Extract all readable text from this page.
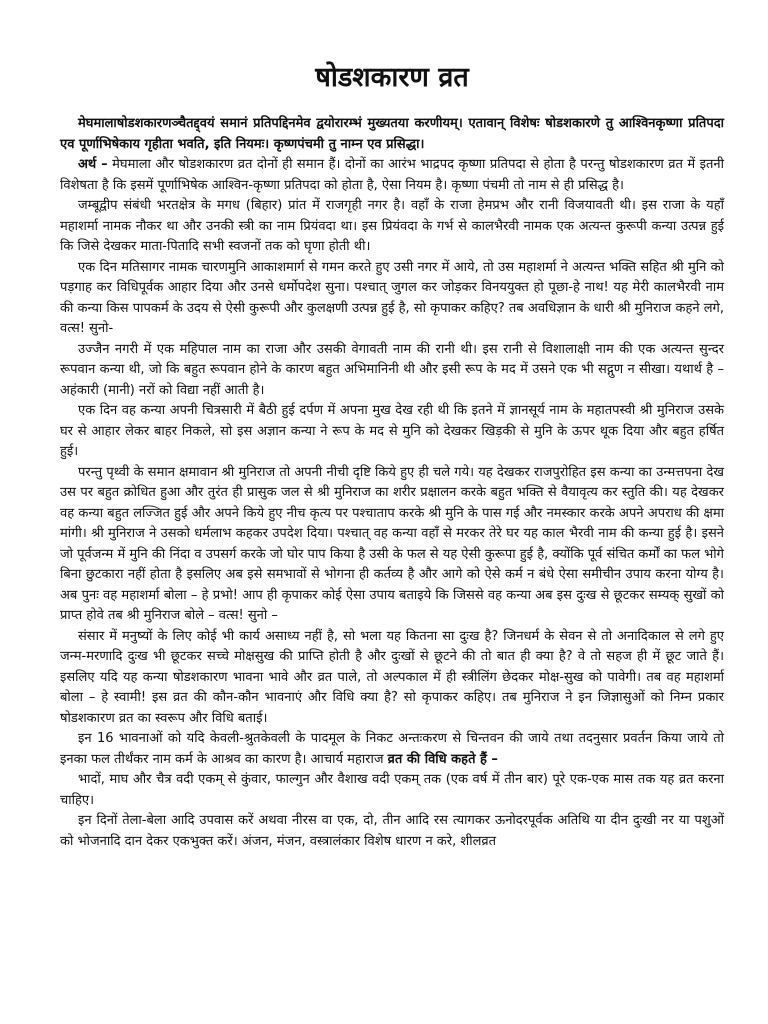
षोडशकारण व्रत

मेघमालाषोडशकारणञ्चैतद्द्वयं समानं प्रतिपद्दिनमेव द्वयोरारम्भं मुख्यतया करणीयम्। एतावान् विशेषः षोडशकारणे तु आश्विनकृष्णा प्रतिपदा एव पूर्णाभिषेकाय गृहीता भवति, इति नियमः। कृष्णपंचमी तु नाम्न एव प्रसिद्धा।

अर्थ – मेघमाला और षोडशकारण व्रत दोनों ही समान हैं। दोनों का आरंभ भाद्रपद कृष्णा प्रतिपदा से होता है परन्तु षोडशकारण व्रत में इतनी विशेषता है कि इसमें पूर्णाभिषेक आश्विन-कृष्णा प्रतिपदा को होता है, ऐसा नियम है। कृष्णा पंचमी तो नाम से ही प्रसिद्ध है।

जम्बूद्वीप संबंधी भरतक्षेत्र के मगध (बिहार) प्रांत में राजगृही नगर है। वहाँ के राजा हेमप्रभ और रानी विजयावती थी। इस राजा के यहाँ महाशर्मा नामक नौकर था और उनकी स्त्री का नाम प्रियंवदा था। इस प्रियंवदा के गर्भ से कालभैरवी नामक एक अत्यन्त कुरूपी कन्या उत्पन्न हुई कि जिसे देखकर माता-पितादि सभी स्वजनों तक को घृणा होती थी।

एक दिन मतिसागर नामक चारणमुनि आकाशमार्ग से गमन करते हुए उसी नगर में आये, तो उस महाशर्मा ने अत्यन्त भक्ति सहित श्री मुनि को पड़गाह कर विधिपूर्वक आहार दिया और उनसे धर्मोपदेश सुना। पश्चात् जुगल कर जोड़कर विनययुक्त हो पूछा-हे नाथ! यह मेरी कालभैरवी नाम की कन्या किस पापकर्म के उदय से ऐसी कुरूपी और कुलक्षणी उत्पन्न हुई है, सो कृपाकर कहिए? तब अवधिज्ञान के धारी श्री मुनिराज कहने लगे, वत्स! सुनो-

उज्जैन नगरी में एक महिपाल नाम का राजा और उसकी वेगावती नाम की रानी थी। इस रानी से विशालाक्षी नाम की एक अत्यन्त सुन्दर रूपवान कन्या थी, जो कि बहुत रूपवान होने के कारण बहुत अभिमानिनी थी और इसी रूप के मद में उसने एक भी सद्गुण न सीखा। यथार्थ है – अहंकारी (मानी) नरों को विद्या नहीं आती है।

एक दिन वह कन्या अपनी चित्रसारी में बैठी हुई दर्पण में अपना मुख देख रही थी कि इतने में ज्ञानसूर्य नाम के महातपस्वी श्री मुनिराज उसके घर से आहार लेकर बाहर निकले, सो इस अज्ञान कन्या ने रूप के मद से मुनि को देखकर खिड़की से मुनि के ऊपर थूक दिया और बहुत हर्षित हुई।

परन्तु पृथ्वी के समान क्षमावान श्री मुनिराज तो अपनी नीची दृष्टि किये हुए ही चले गये। यह देखकर राजपुरोहित इस कन्या का उन्मत्तपना देख उस पर बहुत क्रोधित हुआ और तुरंत ही प्रासुक जल से श्री मुनिराज का शरीर प्रक्षालन करके बहुत भक्ति से वैयावृत्य कर स्तुति की। यह देखकर वह कन्या बहुत लज्जित हुई और अपने किये हुए नीच कृत्य पर पश्चाताप करके श्री मुनि के पास गई और नमस्कार करके अपने अपराध की क्षमा मांगी। श्री मुनिराज ने उसको धर्मलाभ कहकर उपदेश दिया। पश्चात् वह कन्या वहाँ से मरकर तेरे घर यह काल भैरवी नाम की कन्या हुई है। इसने जो पूर्वजन्म में मुनि की निंदा व उपसर्ग करके जो घोर पाप किया है उसी के फल से यह ऐसी कुरूपा हुई है, क्योंकि पूर्व संचित कर्मों का फल भोगे बिना छुटकारा नहीं होता है इसलिए अब इसे समभावों से भोगना ही कर्तव्य है और आगे को ऐसे कर्म न बंधे ऐसा समीचीन उपाय करना योग्य है। अब पुनः वह महाशर्मा बोला – हे प्रभो! आप ही कृपाकर कोई ऐसा उपाय बताइये कि जिससे वह कन्या अब इस दुःख से छूटकर सम्यक् सुखों को प्राप्त होवे तब श्री मुनिराज बोले – वत्स! सुनो –

संसार में मनुष्यों के लिए कोई भी कार्य असाध्य नहीं है, सो भला यह कितना सा दुःख है? जिनधर्म के सेवन से तो अनादिकाल से लगे हुए जन्म-मरणादि दुःख भी छूटकर सच्चे मोक्षसुख की प्राप्ति होती है और दुःखों से छूटने की तो बात ही क्या है? वे तो सहज ही में छूट जाते हैं। इसलिए यदि यह कन्या षोडशकारण भावना भावे और व्रत पाले, तो अल्पकाल में ही स्त्रीलिंग छेदकर मोक्ष-सुख को पावेगी। तब वह महाशर्मा बोला – हे स्वामी! इस व्रत की कौन-कौन भावनाएं और विधि क्या है? सो कृपाकर कहिए। तब मुनिराज ने इन जिज्ञासुओं को निम्न प्रकार षोडशकारण व्रत का स्वरूप और विधि बताई।

इन 16 भावनाओं को यदि केवली-श्रुतकेवली के पादमूल के निकट अन्तःकरण से चिन्तवन की जाये तथा तदनुसार प्रवर्तन किया जाये तो इनका फल तीर्थंकर नाम कर्म के आश्रव का कारण है। आचार्य महाराज व्रत की विधि कहते हैं –

भादों, माघ और चैत्र वदी एकम् से कुंवार, फाल्गुन और वैशाख वदी एकम् तक (एक वर्ष में तीन बार) पूरे एक-एक मास तक यह व्रत करना चाहिए।

इन दिनों तेला-बेला आदि उपवास करें अथवा नीरस वा एक, दो, तीन आदि रस त्यागकर ऊनोदरपूर्वक अतिथि या दीन दुःखी नर या पशुओं को भोजनादि दान देकर एकभुक्त करें। अंजन, मंजन, वस्त्रालंकार विशेष धारण न करे, शीलव्रत
